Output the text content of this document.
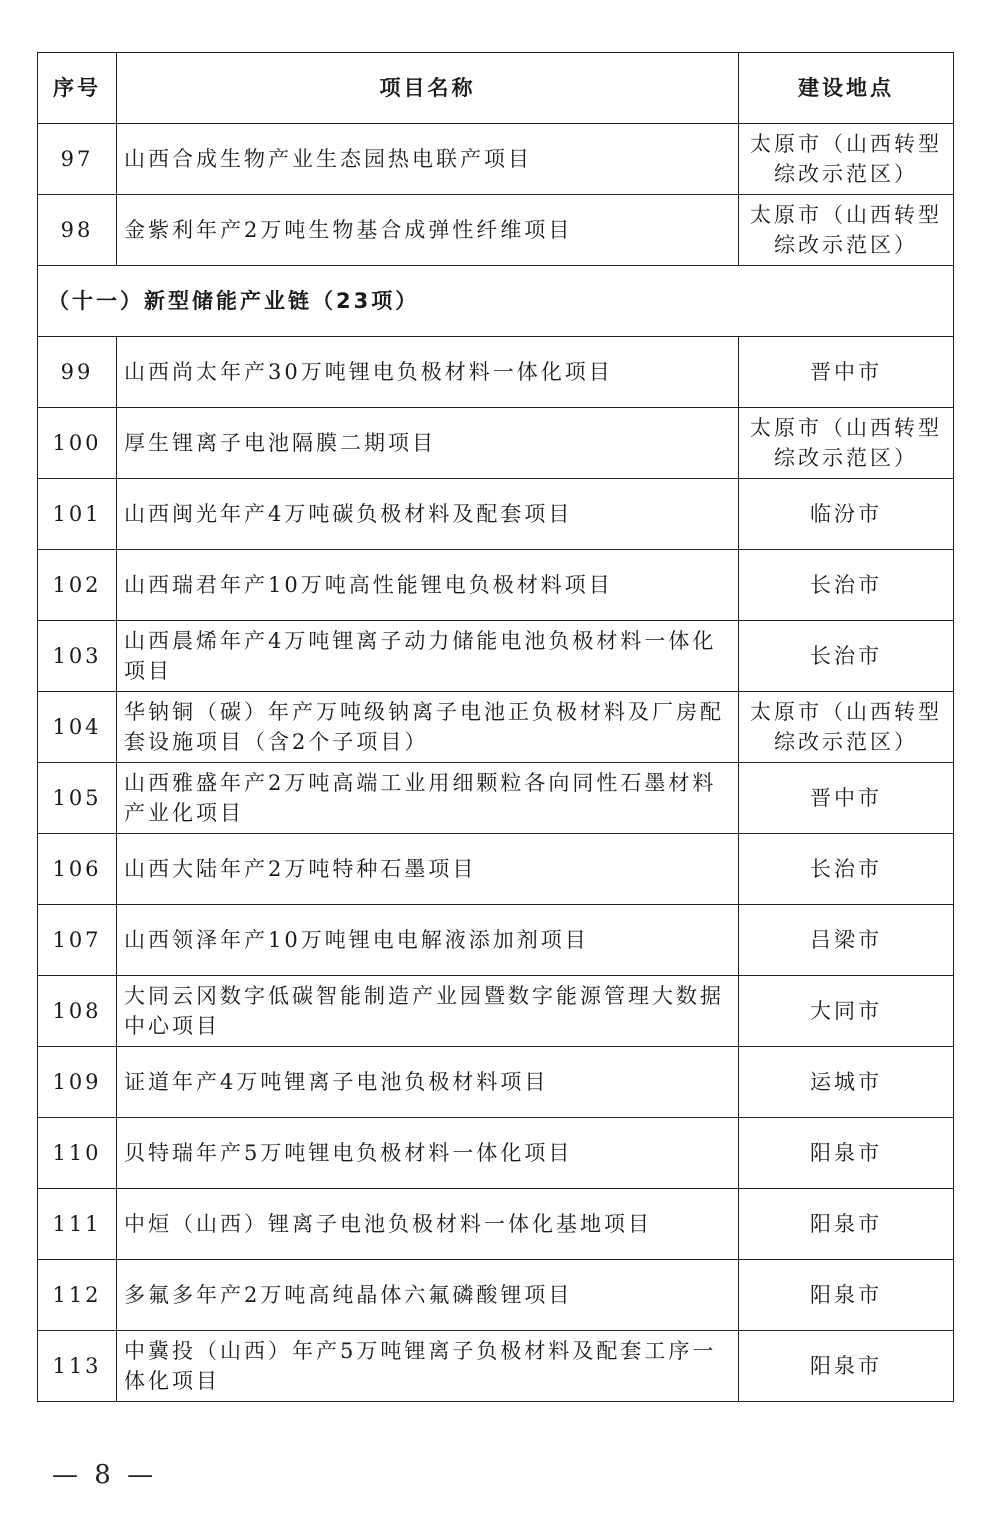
序号	项目名称	建设地点
97	山西合成生物产业生态园热电联产项目	太原市（山西转型综改示范区）
98	金紫利年产2万吨生物基合成弹性纤维项目	太原市（山西转型综改示范区）
（十一）新型储能产业链（23项）		
99	山西尚太年产30万吨锂电负极材料一体化项目	晋中市
100	厚生锂离子电池隔膜二期项目	太原市（山西转型综改示范区）
101	山西闽光年产4万吨碳负极材料及配套项目	临汾市
102	山西瑞君年产10万吨高性能锂电负极材料项目	长治市
103	山西晨烯年产4万吨锂离子动力储能电池负极材料一体化项目	长治市
104	华钠铜（碳）年产万吨级钠离子电池正负极材料及厂房配套设施项目（含2个子项目）	太原市（山西转型综改示范区）
105	山西雅盛年产2万吨高端工业用细颗粒各向同性石墨材料产业化项目	晋中市
106	山西大陆年产2万吨特种石墨项目	长治市
107	山西领泽年产10万吨锂电电解液添加剂项目	吕梁市
108	大同云冈数字低碳智能制造产业园暨数字能源管理大数据中心项目	大同市
109	证道年产4万吨锂离子电池负极材料项目	运城市
110	贝特瑞年产5万吨锂电负极材料一体化项目	阳泉市
111	中烜（山西）锂离子电池负极材料一体化基地项目	阳泉市
112	多氟多年产2万吨高纯晶体六氟磷酸锂项目	阳泉市
113	中冀投（山西）年产5万吨锂离子负极材料及配套工序一体化项目	阳泉市
— 8 —
